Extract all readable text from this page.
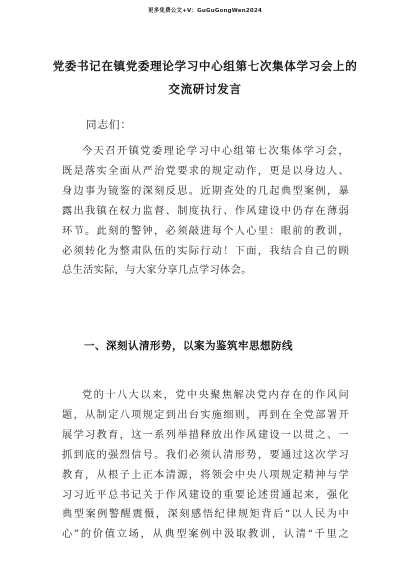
更多免费公文+V：GuGuGongWen2024
党委书记在镇党委理论学习中心组第七次集体学习会上的
交流研讨发言
同志们：
今天召开镇党委理论学习中心组第七次集体学习会，
既是落实全面从严治党要求的规定动作，更是以身边人、
身边事为镜鉴的深刻反思。近期查处的几起典型案例，暴
露出我镇在权力监督、制度执行、作风建设中仍存在薄弱
环节。此刻的警钟，必须敲进每个人心里：眼前的教训，
必须转化为整肃队伍的实际行动！下面，我结合自己的顾
总生活实际，与大家分享几点学习体会。
一、深刻认清形势，以案为鉴筑牢思想防线
党的十八大以来，党中央聚焦解决党内存在的作风问
题，从制定八项规定到出台实施细则，再到在全党部署开
展学习教育，这一系列举措释放出作风建设一以贯之、一
抓到底的强烈信号。我们必须认清形势，要通过这次学习
教育，从根子上正本清源，将领会中央八项规定精神与学
习习近平总书记关于作风建设的重要论述贯通起来，强化
典型案例警醒震慑，深刻感悟纪律规矩背后“以人民为中
心”的价值立场，从典型案例中汲取教训，认清“千里之
